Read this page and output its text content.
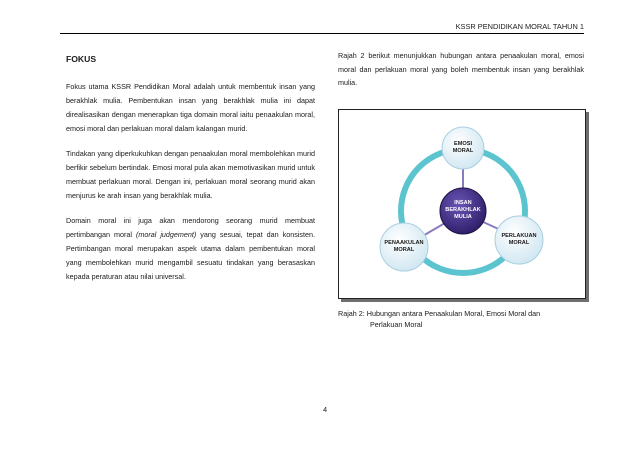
KSSR PENDIDIKAN MORAL TAHUN 1

FOKUS

Fokus utama KSSR Pendidikan Moral adalah untuk membentuk insan yang berakhlak mulia. Pembentukan insan yang berakhlak mulia ini dapat direalisasikan dengan menerapkan tiga domain moral iaitu penaakulan moral, emosi moral dan perlakuan moral dalam kalangan murid.

Tindakan yang diperkukuhkan dengan penaakulan moral membolehkan murid berfikir sebelum bertindak. Emosi moral pula akan memotivasikan murid untuk membuat perlakuan moral. Dengan ini, perlakuan moral seorang murid akan menjurus ke arah insan yang berakhlak mulia.

Domain moral ini juga akan mendorong seorang murid membuat pertimbangan moral (moral judgement) yang sesuai, tepat dan konsisten. Pertimbangan moral merupakan aspek utama dalam pembentukan moral yang membolehkan murid mengambil sesuatu tindakan yang berasaskan kepada peraturan atau nilai universal.

Rajah 2 berikut menunjukkan hubungan antara penaakulan moral, emosi moral dan perlakuan moral yang boleh membentuk insan yang berakhlak mulia.

EMOSI
MORAL
INSAN
BERAKHLAK
MULIA
PENAAKULAN
MORAL
PERLAKUAN
MORAL
Rajah 2: Hubungan antara Penaakulan Moral, Emosi Moral dan
Perlakuan Moral
4
